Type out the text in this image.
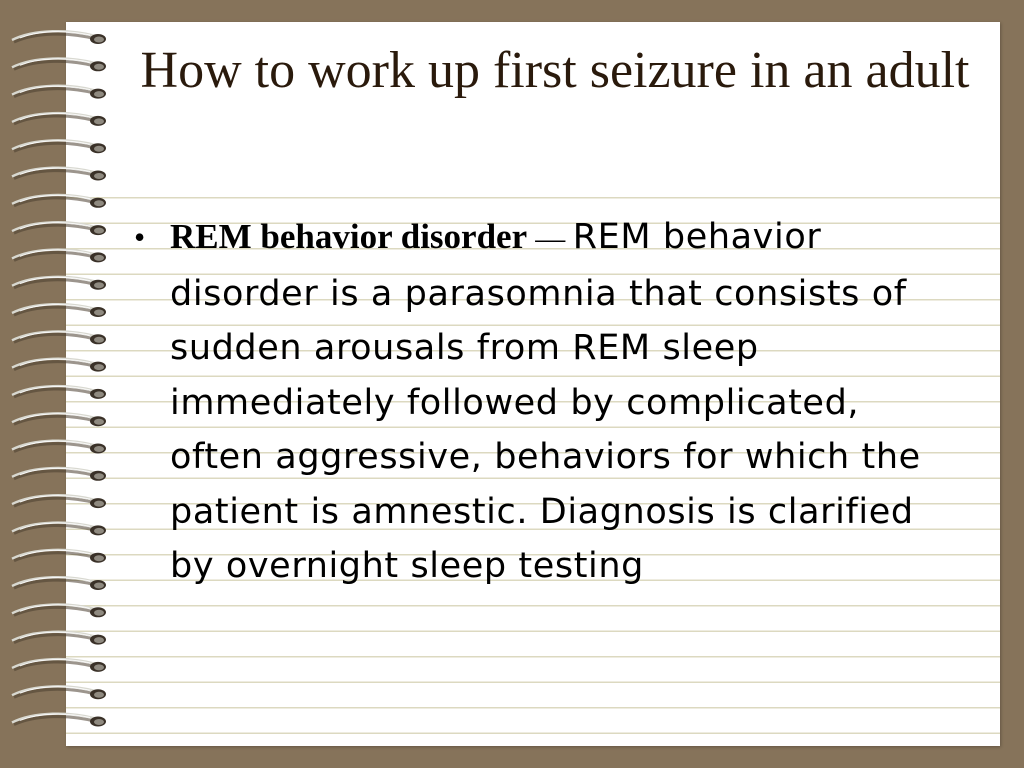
How to work up first seizure in an adult
• REM behavior disorder — REM behavior disorder is a parasomnia that consists of sudden arousals from REM sleep immediately followed by complicated, often aggressive, behaviors for which the patient is amnestic. Diagnosis is clarified by overnight sleep testing
